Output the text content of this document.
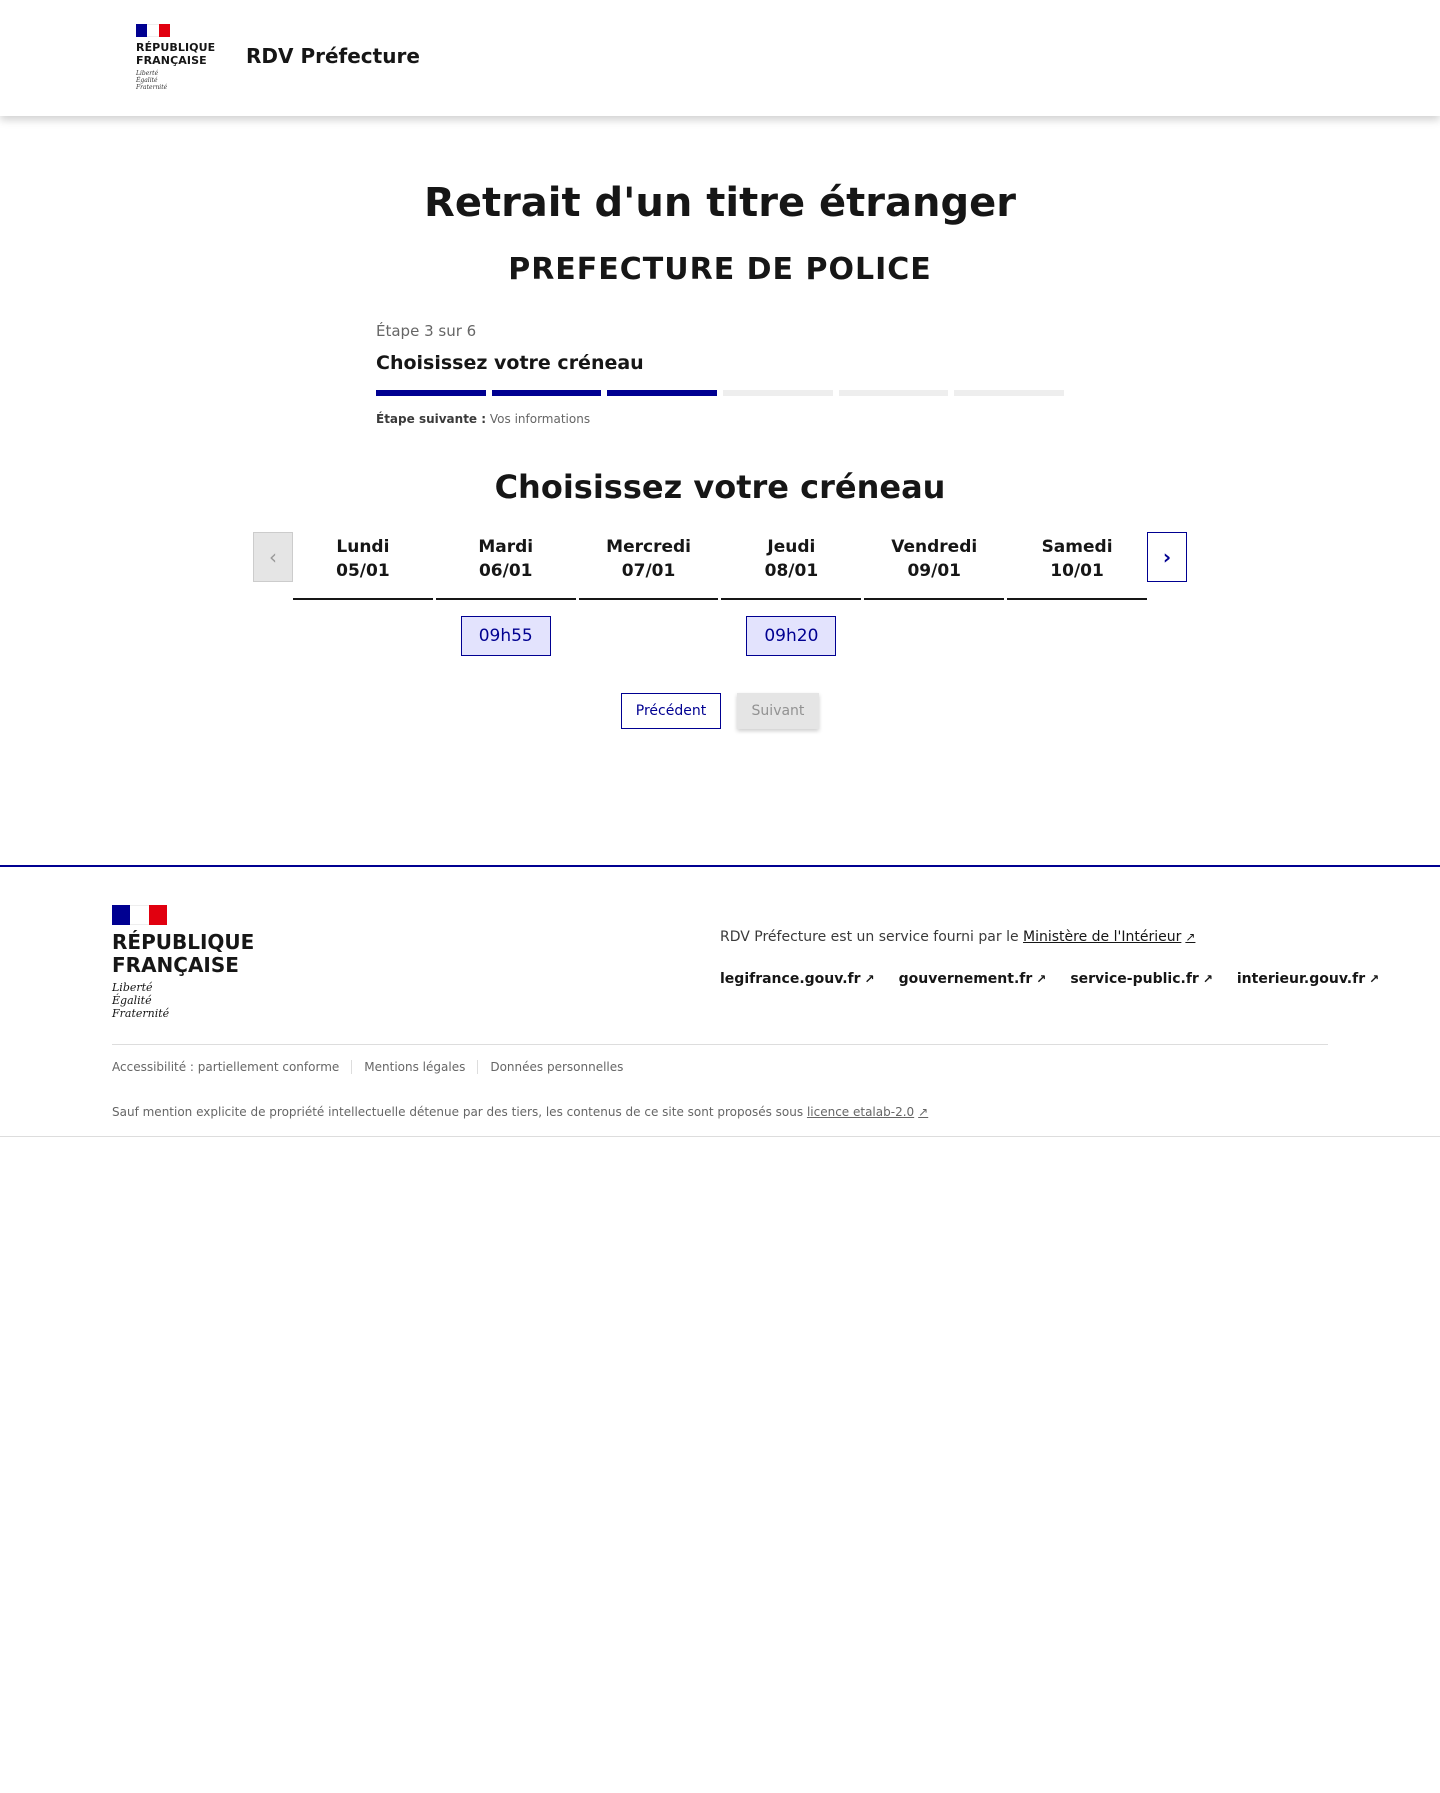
RÉPUBLIQUE FRANÇAISE
Liberté Égalité Fraternité
RDV Préfecture
Retrait d'un titre étranger
PREFECTURE DE POLICE
Étape 3 sur 6
Choisissez votre créneau
Étape suivante : Vos informations
Choisissez votre créneau
‹	Lundi
05/01
Mardi
06/01
09h55
Mercredi
07/01
Jeudi
08/01
09h20
Vendredi
09/01
Samedi
10/01
›
Précédent	Suivant
RÉPUBLIQUE FRANÇAISE
Liberté
Égalité
Fraternité
RDV Préfecture est un service fourni par le Ministère de l'Intérieur ↗
legifrance.gouv.fr ↗ gouvernement.fr ↗ service-public.fr ↗ interieur.gouv.fr ↗
Accessibilité : partiellement conforme	Mentions légales	Données personnelles
Sauf mention explicite de propriété intellectuelle détenue par des tiers, les contenus de ce site sont proposés sous licence etalab-2.0 ↗
